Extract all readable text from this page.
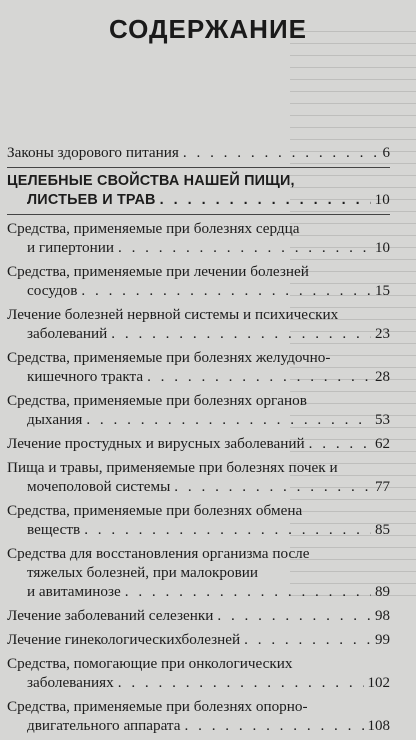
СОДЕРЖАНИЕ
Законы здорового питания . . .	6
ЦЕЛЕБНЫЕ СВОЙСТВА НАШЕЙ ПИЩИ,
ЛИСТЬЕВ И ТРАВ . . .	10
Средства, применяемые при болезнях сердца
и гипертонии . . .	10
Средства, применяемые при лечении болезней
сосудов . . .	15
Лечение болезней нервной системы и психических
заболеваний . . .	23
Средства, применяемые при болезнях желудочно-
кишечного тракта . . .	28
Средства, применяемые при болезнях органов
дыхания . . .	53
Лечение простудных и вирусных заболеваний . . .	62
Пища и травы, применяемые при болезнях почек и
мочеполовой системы . . .	77
Средства, применяемые при болезнях обмена
веществ . . .	85
Средства для восстановления организма после
тяжелых болезней, при малокровии
и авитаминозе . . .	89
Лечение заболеваний селезенки . . .	98
Лечение гинекологическихболезней . . .	99
Средства, помогающие при онкологических
заболеваниях . . .	102
Средства, применяемые при болезнях опорно-
двигательного аппарата . . .	108
